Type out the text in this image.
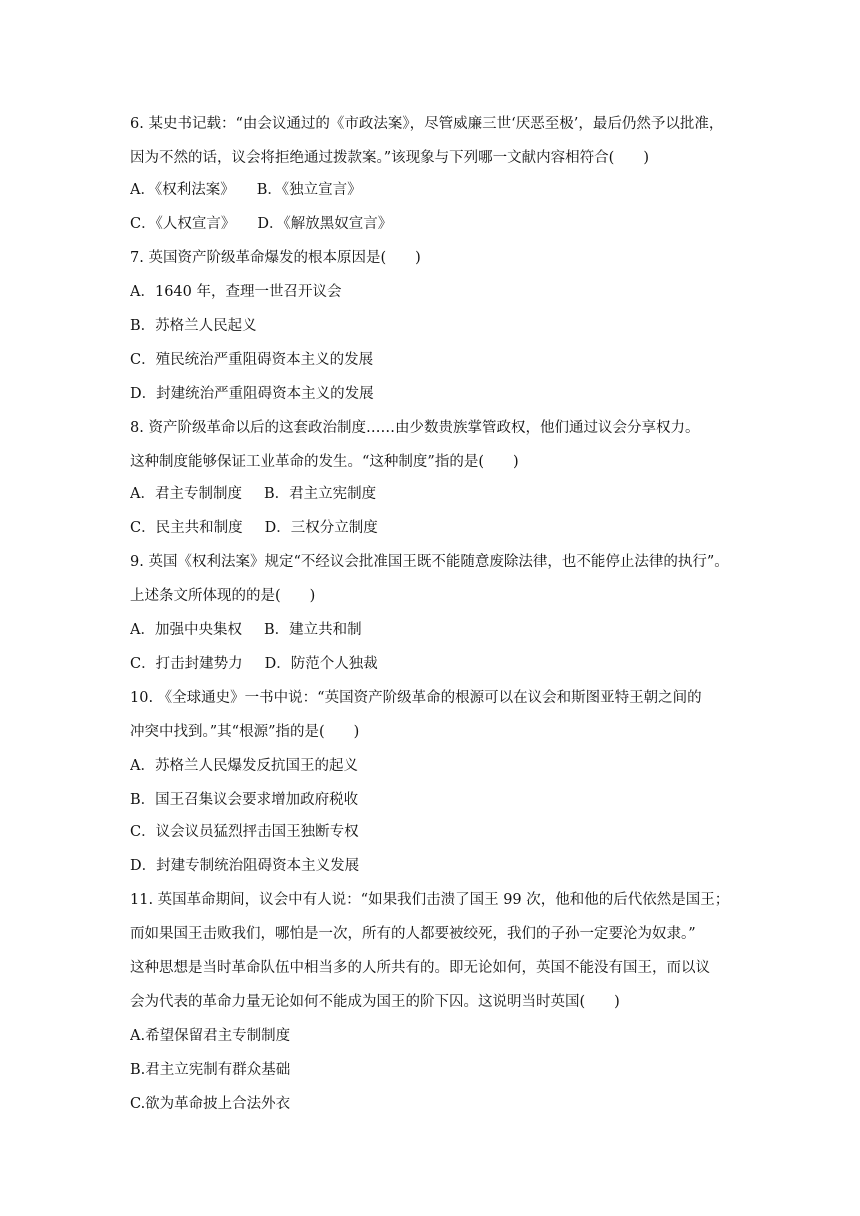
6. 某史书记载：“由会议通过的《市政法案》，尽管威廉三世‘厌恶至极’，最后仍然予以批准，
因为不然的话，议会将拒绝通过拨款案。”该现象与下列哪一文献内容相符合(　　)
A．《权利法案》 B．《独立宣言》
C．《人权宣言》 D．《解放黑奴宣言》
7. 英国资产阶级革命爆发的根本原因是(　　)
A．1640 年，查理一世召开议会
B．苏格兰人民起义
C．殖民统治严重阻碍资本主义的发展
D．封建统治严重阻碍资本主义的发展
8. 资产阶级革命以后的这套政治制度……由少数贵族掌管政权，他们通过议会分享权力。
这种制度能够保证工业革命的发生。“这种制度”指的是(　　)
A．君主专制制度 B．君主立宪制度
C．民主共和制度 D．三权分立制度
9. 英国《权利法案》规定“不经议会批准国王既不能随意废除法律，也不能停止法律的执行”。
上述条文所体现的的是(　　)
A．加强中央集权 B．建立共和制
C．打击封建势力 D．防范个人独裁
10. 《全球通史》一书中说：“英国资产阶级革命的根源可以在议会和斯图亚特王朝之间的
冲突中找到。”其“根源”指的是(　　)
A．苏格兰人民爆发反抗国王的起义
B．国王召集议会要求增加政府税收
C．议会议员猛烈抨击国王独断专权
D．封建专制统治阻碍资本主义发展
11. 英国革命期间，议会中有人说：“如果我们击溃了国王 99 次，他和他的后代依然是国王；
而如果国王击败我们，哪怕是一次，所有的人都要被绞死，我们的子孙一定要沦为奴隶。”
这种思想是当时革命队伍中相当多的人所共有的。即无论如何，英国不能没有国王，而以议
会为代表的革命力量无论如何不能成为国王的阶下囚。这说明当时英国(　　)
A.希望保留君主专制制度
B.君主立宪制有群众基础
C.欲为革命披上合法外衣
